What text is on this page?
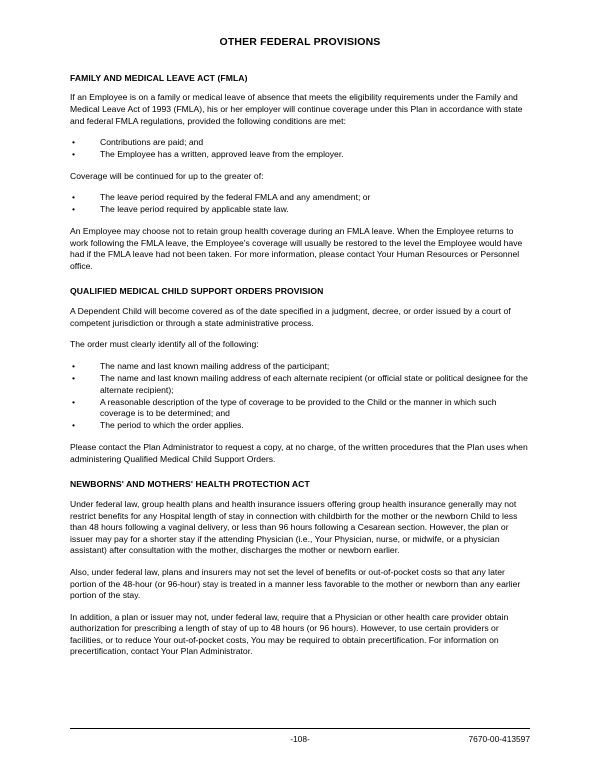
OTHER FEDERAL PROVISIONS
FAMILY AND MEDICAL LEAVE ACT (FMLA)

If an Employee is on a family or medical leave of absence that meets the eligibility requirements under the Family and Medical Leave Act of 1993 (FMLA), his or her employer will continue coverage under this Plan in accordance with state and federal FMLA regulations, provided the following conditions are met:

•	Contributions are paid; and
•	The Employee has a written, approved leave from the employer.

Coverage will be continued for up to the greater of:

•	The leave period required by the federal FMLA and any amendment; or
•	The leave period required by applicable state law.

An Employee may choose not to retain group health coverage during an FMLA leave. When the Employee returns to work following the FMLA leave, the Employee's coverage will usually be restored to the level the Employee would have had if the FMLA leave had not been taken. For more information, please contact Your Human Resources or Personnel office.

QUALIFIED MEDICAL CHILD SUPPORT ORDERS PROVISION

A Dependent Child will become covered as of the date specified in a judgment, decree, or order issued by a court of competent jurisdiction or through a state administrative process.

The order must clearly identify all of the following:

•	The name and last known mailing address of the participant;
•	The name and last known mailing address of each alternate recipient (or official state or political designee for the alternate recipient);
•	A reasonable description of the type of coverage to be provided to the Child or the manner in which such coverage is to be determined; and
•	The period to which the order applies.

Please contact the Plan Administrator to request a copy, at no charge, of the written procedures that the Plan uses when administering Qualified Medical Child Support Orders.

NEWBORNS' AND MOTHERS' HEALTH PROTECTION ACT

Under federal law, group health plans and health insurance issuers offering group health insurance generally may not restrict benefits for any Hospital length of stay in connection with childbirth for the mother or the newborn Child to less than 48 hours following a vaginal delivery, or less than 96 hours following a Cesarean section. However, the plan or issuer may pay for a shorter stay if the attending Physician (i.e., Your Physician, nurse, or midwife, or a physician assistant) after consultation with the mother, discharges the mother or newborn earlier.

Also, under federal law, plans and insurers may not set the level of benefits or out-of-pocket costs so that any later portion of the 48-hour (or 96-hour) stay is treated in a manner less favorable to the mother or newborn than any earlier portion of the stay.

In addition, a plan or issuer may not, under federal law, require that a Physician or other health care provider obtain authorization for prescribing a length of stay of up to 48 hours (or 96 hours). However, to use certain providers or facilities, or to reduce Your out-of-pocket costs, You may be required to obtain precertification. For information on precertification, contact Your Plan Administrator.

-108-	7670-00-413597
